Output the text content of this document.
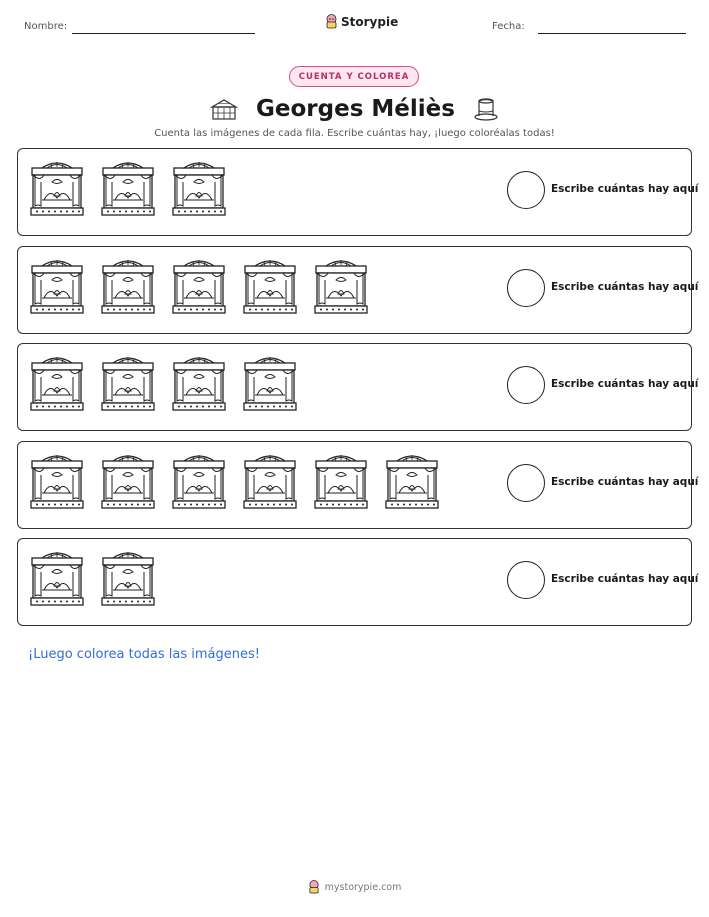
Nombre:	Storypie	Fecha:
CUENTA Y COLOREA
Georges Méliès
Cuenta las imágenes de cada fila. Escribe cuántas hay, ¡luego coloréalas todas!
Escribe cuántas hay aquí
Escribe cuántas hay aquí
Escribe cuántas hay aquí
Escribe cuántas hay aquí
Escribe cuántas hay aquí
¡Luego colorea todas las imágenes!
mystorypie.com
